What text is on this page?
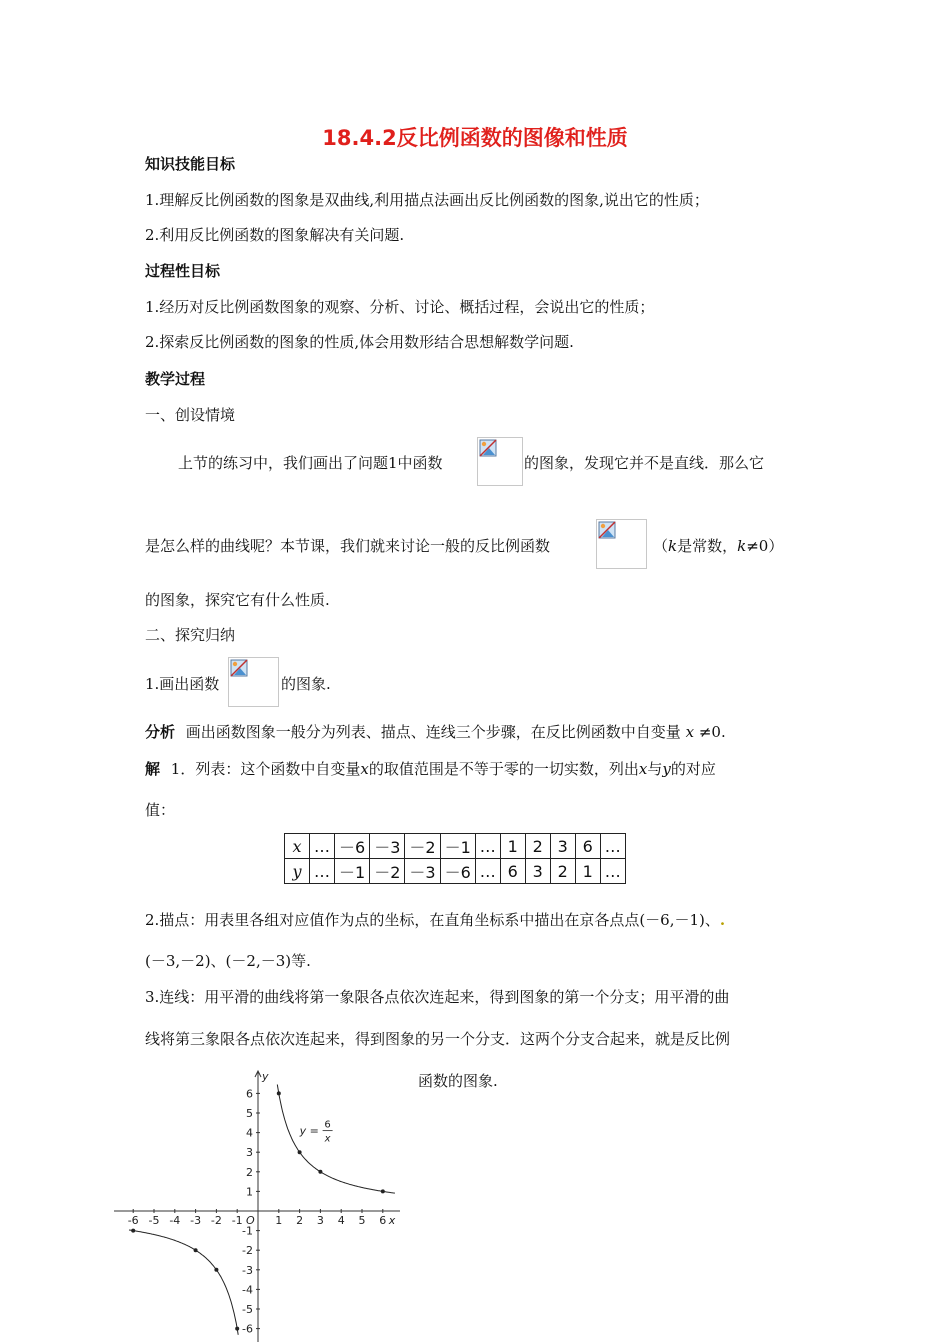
18.4.2反比例函数的图像和性质
知识技能目标
1.理解反比例函数的图象是双曲线,利用描点法画出反比例函数的图象,说出它的性质；
2.利用反比例函数的图象解决有关问题.
过程性目标
1.经历对反比例函数图象的观察、分析、讨论、概括过程，会说出它的性质；
2.探索反比例函数的图象的性质,体会用数形结合思想解数学问题.
教学过程
一、创设情境
上节的练习中，我们画出了问题1中函数	的图象，发现它并不是直线．那么它
是怎么样的曲线呢？本节课，我们就来讨论一般的反比例函数	（k是常数，k≠0）
的图象，探究它有什么性质.
二、探究归纳
1.画出函数	的图象.
分析 画出函数图象一般分为列表、描点、连线三个步骤，在反比例函数中自变量 x ≠0.
解 1．列表：这个函数中自变量x的取值范围是不等于零的一切实数，列出x与y的对应
值：
x	…	－6	－3	－2	－1	…	1	2	3	6	…
y	…	－1	－2	－3	－6	…	6	3	2	1	…
2.描点：用表里各组对应值作为点的坐标，在直角坐标系中描出在京各点点(－6,－1)、.
(－3,－2)、(－2,－3)等.
3.连线：用平滑的曲线将第一象限各点依次连起来，得到图象的第一个分支；用平滑的曲
线将第三象限各点依次连起来，得到图象的另一个分支．这两个分支合起来，就是反比例
函数的图象.
-6 -5 -4 -3 -2 -1	1 2 3 4 5 6
6
5
4
3
2
1
-1
-2
-3
-4
-5
-6
O	x
y
y = 6
x
